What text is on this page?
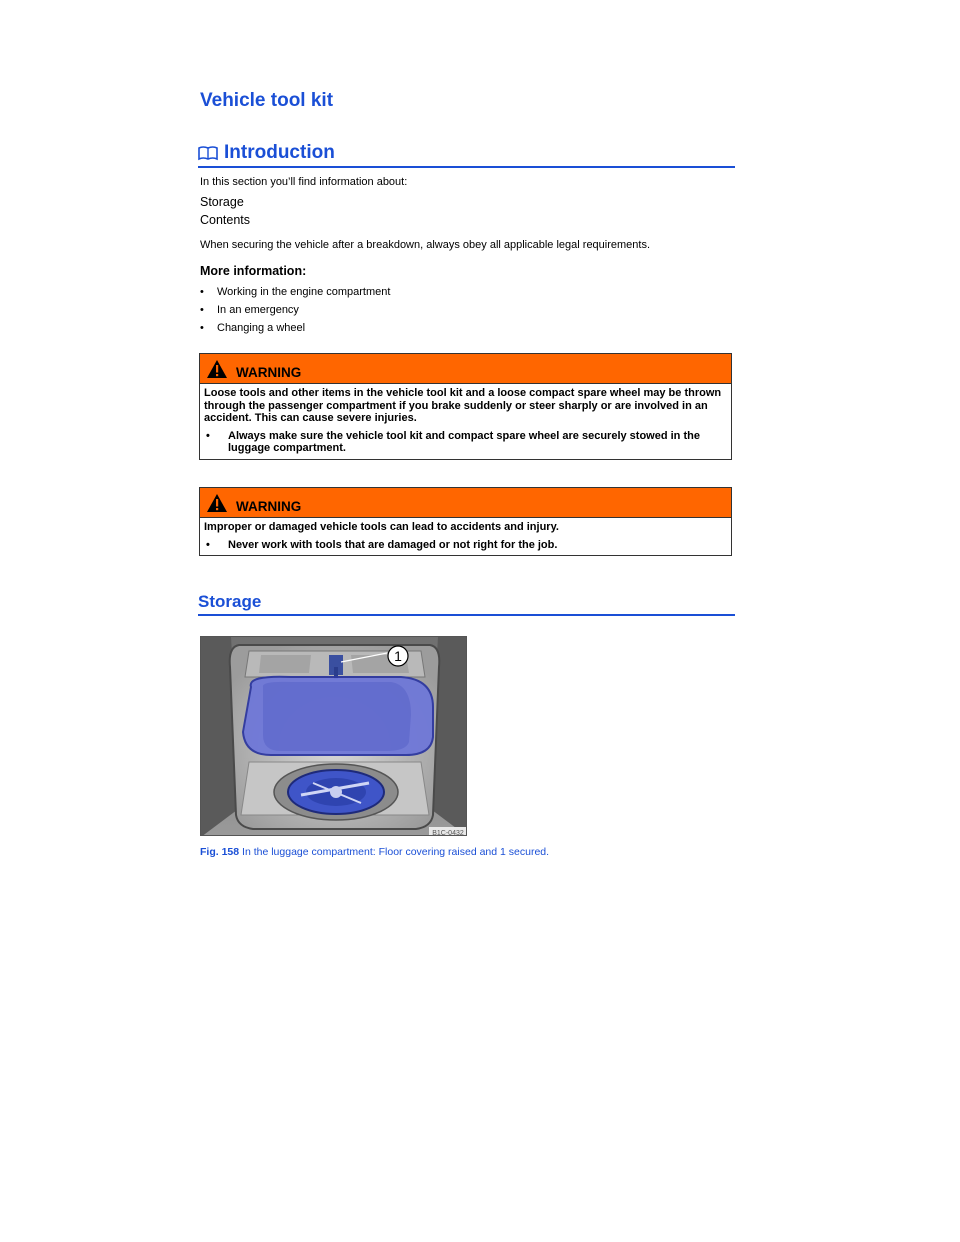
Vehicle tool kit
Introduction

In this section you’ll find information about:

Storage

Contents

When securing the vehicle after a breakdown, always obey all applicable legal requirements.

More information:

•	Working in the engine compartment
•	In an emergency
•	Changing a wheel
WARNING

Loose tools and other items in the vehicle tool kit and a loose compact spare wheel may be thrown through the passenger compartment if you brake suddenly or steer sharply or are involved in an accident. This can cause severe injuries.

•	Always make sure the vehicle tool kit and compact spare wheel are securely stowed in the luggage compartment.
WARNING

Improper or damaged vehicle tools can lead to accidents and injury.

•	Never work with tools that are damaged or not right for the job.
Storage
1
B1C-0432

Fig. 158 In the luggage compartment: Floor covering raised and 1 secured.
